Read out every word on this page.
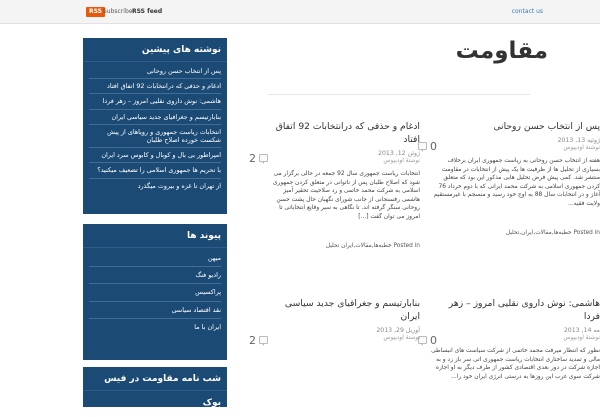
RSS Subscribe:
RSS feed	contact us
نوشته های پیشین
پس از انتخاب حسن روحانی
ادغام و حذفی که درانتخابات 92 اتفاق افتاد
هاشمی: نوش داروی نقلیی امروز – زهر فردا
بنابارتیسم و جغرافیای جدید سیاسی ایران
انتخابات ریاست جمهوری و رویاهای از پیش شکست خورده اصلاح طلبان
امپراطور بی بال و کوبال و کابوس سرد ایران
با تحریم ها جمهوری اسلامی را تضعیف میکنید؟
از تهران تا غزه و بیروت میگذرد
پیوند ها
میهن
رادیو فنگ
پراکسیس
نقد اقتصاد سیاسی
ایران با ما
شب نامه مقاومت در فیس بوک
مقاومت
پس از انتخاب حسن روحانی
ژوئیه 13, 2013
نوشتۀ اودیپوس
هفته از انتخاب حسن روحانی به ریاست جمهوری ایران برخلاف بسیاری از تحلیل ها از ظرفیت ها یک پیش از انتخابات در مقاومت منتشر شد. کمی پیش فرض تحلیل هایی مذکور این بود که متعلق کردن جمهوری اسلامی به شرکت محمد ایرانی که با دوم خرداد 76 آغاز و در انتخابات سال 88 به اوج خود رسید و منسجم با غیرمستقیم ولایت فقیه...
Posted in خطبه‌ها,مقالات,ایران,تحلیل
0
ادغام و حذفی که درانتخابات 92 اتفاق افتاد
ژوئن 12, 2013
نوشتۀ اودیپوس
انتخابات ریاست جمهوری سال 92 جمعه در حالی برگزار می شود که اصلاح طلبان پس از ناتوانی در متعلق کردن جمهوری اسلامی به شرکت محمد خاتمی و رد صلاحیت تحقیر آمیز هاشمی رفسنجانی از جانب شورای نگهبان حال پشت حسن روحانی سنگر گرفته اند. تا نگاهی به سیر وقایع انتخاباتی تا امروز می توان گفت [...]
Posted in خطبه‌ها,مقالات,ایران تحلیل
2
هاشمی: نوش داروی نقلیی امروز – زهر فردا
مه 14, 2013
نوشتۀ اودیپوس
نظور که انتظار میرفت محمد خاتمی از شرکت سیاست های انبساطی مالی و تمدید ساختاری انتخابات ریاست جمهوری اتی سر باز زد و به اجازه شرکت در دور بعدی اقتصادی کشور از طرف دیگر به او اجازه شرکت سوی غرب این روزها به درستی انرژی ایران خود را...
0
بنابارتیسم و جغرافیای جدید سیاسی ایران
آوریل 29, 2013
نوشتۀ اودیپوس
2
